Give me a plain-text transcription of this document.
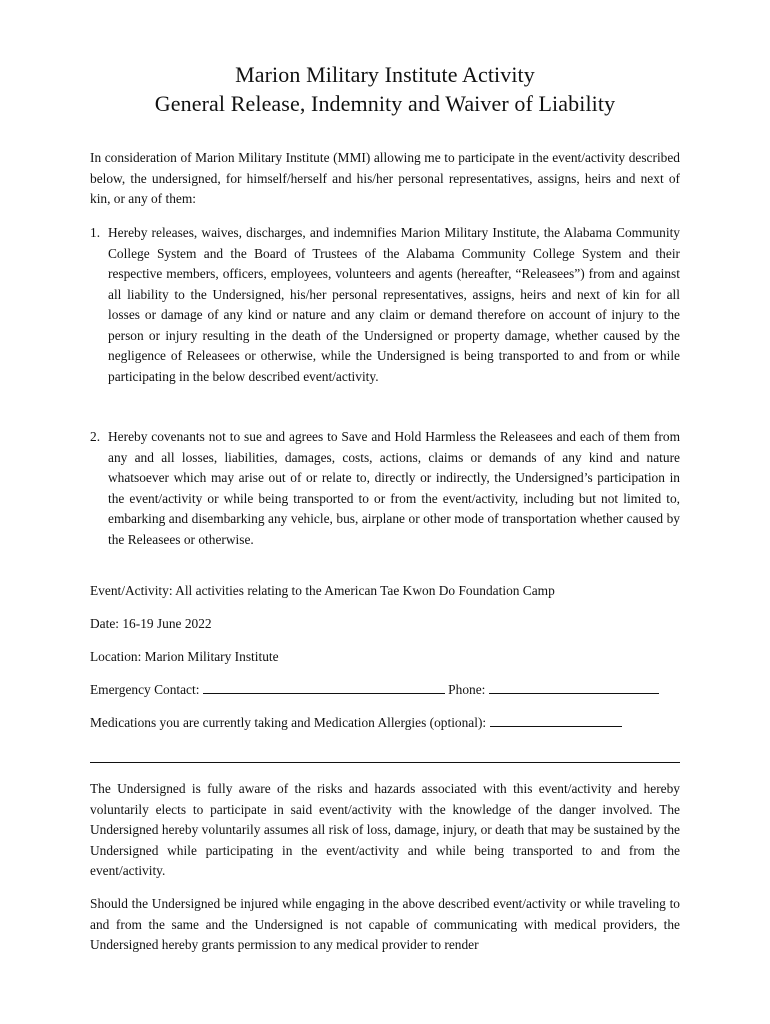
Marion Military Institute Activity
General Release, Indemnity and Waiver of Liability
In consideration of Marion Military Institute (MMI) allowing me to participate in the event/activity described below, the undersigned, for himself/herself and his/her personal representatives, assigns, heirs and next of kin, or any of them:
1. Hereby releases, waives, discharges, and indemnifies Marion Military Institute, the Alabama Community College System and the Board of Trustees of the Alabama Community College System and their respective members, officers, employees, volunteers and agents (hereafter, “Releasees”) from and against all liability to the Undersigned, his/her personal representatives, assigns, heirs and next of kin for all losses or damage of any kind or nature and any claim or demand therefore on account of injury to the person or injury resulting in the death of the Undersigned or property damage, whether caused by the negligence of Releasees or otherwise, while the Undersigned is being transported to and from or while participating in the below described event/activity.
2. Hereby covenants not to sue and agrees to Save and Hold Harmless the Releasees and each of them from any and all losses, liabilities, damages, costs, actions, claims or demands of any kind and nature whatsoever which may arise out of or relate to, directly or indirectly, the Undersigned’s participation in the event/activity or while being transported to or from the event/activity, including but not limited to, embarking and disembarking any vehicle, bus, airplane or other mode of transportation whether caused by the Releasees or otherwise.
Event/Activity: All activities relating to the American Tae Kwon Do Foundation Camp
Date: 16-19 June 2022
Location: Marion Military Institute
Emergency Contact:	Phone:
Medications you are currently taking and Medication Allergies (optional):
The Undersigned is fully aware of the risks and hazards associated with this event/activity and hereby voluntarily elects to participate in said event/activity with the knowledge of the danger involved. The Undersigned hereby voluntarily assumes all risk of loss, damage, injury, or death that may be sustained by the Undersigned while participating in the event/activity and while being transported to and from the event/activity.
Should the Undersigned be injured while engaging in the above described event/activity or while traveling to and from the same and the Undersigned is not capable of communicating with medical providers, the Undersigned hereby grants permission to any medical provider to render
